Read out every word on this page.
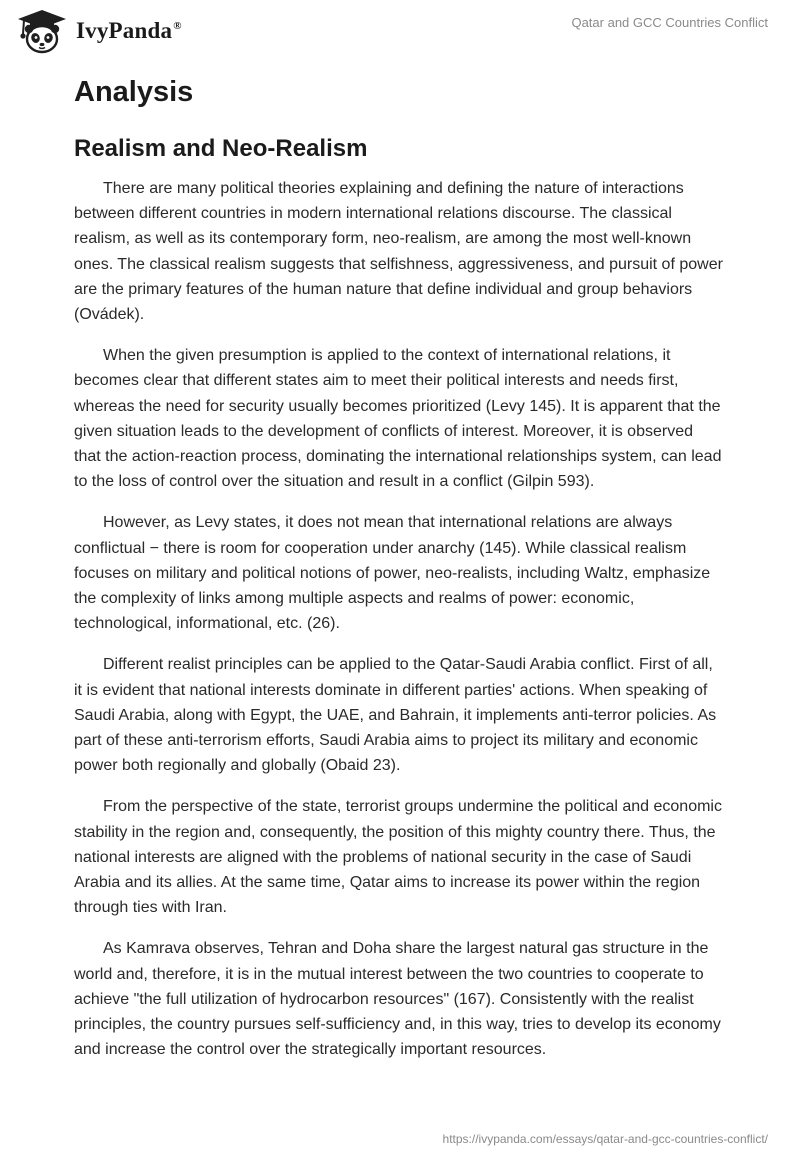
IvyPanda®	Qatar and GCC Countries Conflict
Analysis
Realism and Neo-Realism

There are many political theories explaining and defining the nature of interactions between different countries in modern international relations discourse. The classical realism, as well as its contemporary form, neo-realism, are among the most well-known ones. The classical realism suggests that selfishness, aggressiveness, and pursuit of power are the primary features of the human nature that define individual and group behaviors (Ovádek).

When the given presumption is applied to the context of international relations, it becomes clear that different states aim to meet their political interests and needs first, whereas the need for security usually becomes prioritized (Levy 145). It is apparent that the given situation leads to the development of conflicts of interest. Moreover, it is observed that the action-reaction process, dominating the international relationships system, can lead to the loss of control over the situation and result in a conflict (Gilpin 593).

However, as Levy states, it does not mean that international relations are always conflictual − there is room for cooperation under anarchy (145). While classical realism focuses on military and political notions of power, neo-realists, including Waltz, emphasize the complexity of links among multiple aspects and realms of power: economic, technological, informational, etc. (26).

Different realist principles can be applied to the Qatar-Saudi Arabia conflict. First of all, it is evident that national interests dominate in different parties' actions. When speaking of Saudi Arabia, along with Egypt, the UAE, and Bahrain, it implements anti-terror policies. As part of these anti-terrorism efforts, Saudi Arabia aims to project its military and economic power both regionally and globally (Obaid 23).

From the perspective of the state, terrorist groups undermine the political and economic stability in the region and, consequently, the position of this mighty country there. Thus, the national interests are aligned with the problems of national security in the case of Saudi Arabia and its allies. At the same time, Qatar aims to increase its power within the region through ties with Iran.

As Kamrava observes, Tehran and Doha share the largest natural gas structure in the world and, therefore, it is in the mutual interest between the two countries to cooperate to achieve "the full utilization of hydrocarbon resources" (167). Consistently with the realist principles, the country pursues self-sufficiency and, in this way, tries to develop its economy and increase the control over the strategically important resources.

https://ivypanda.com/essays/qatar-and-gcc-countries-conflict/
